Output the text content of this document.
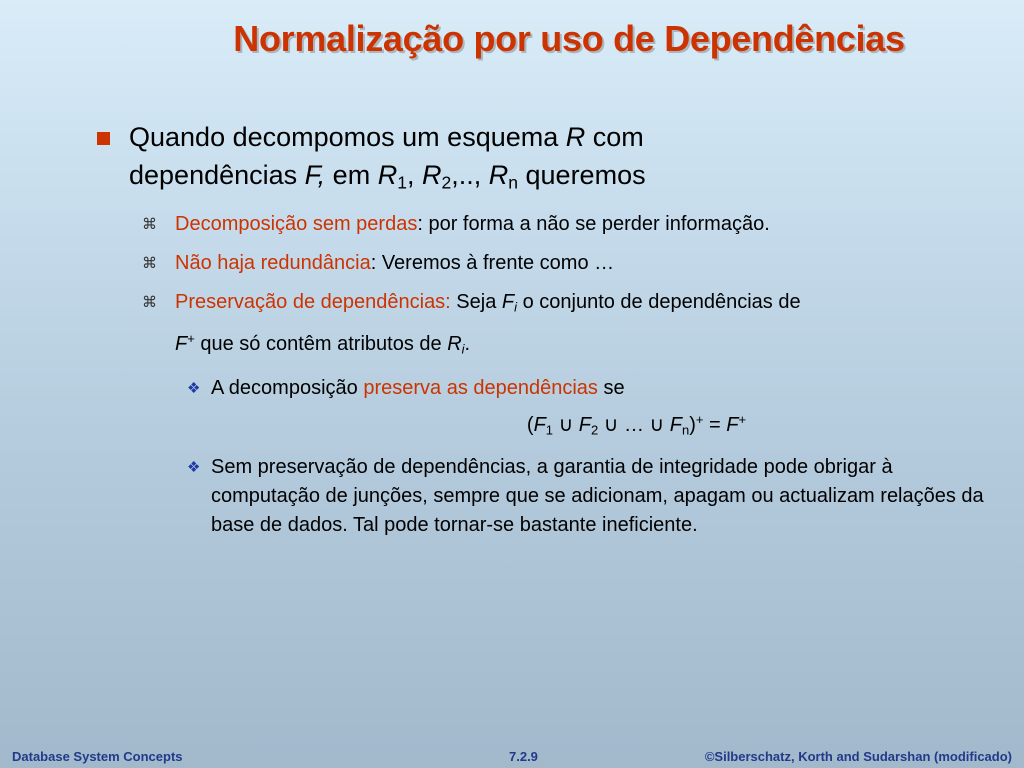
Normalização por uso de Dependências
Quando decompomos um esquema R com
dependências F, em $R_1$, $R_2$,.., $R_n$ queremos
⌘ Decomposição sem perdas: por forma a não se perder informação.
⌘ Não haja redundância: Veremos à frente como …
⌘ Preservação de dependências: Seja $F_i$ o conjunto de dependências de
F+ que só contêm atributos de $R_i$.
❖ A decomposição preserva as dependências se
($F_1$ ∪ $F_2$ ∪ … ∪ $F_n)^+ = F^+$
❖ Sem preservação de dependências, a garantia de integridade pode obrigar à computação de junções, sempre que se adicionam, apagam ou actualizam relações da base de dados. Tal pode tornar-se bastante ineficiente.
Database System Concepts	7.2.9	©Silberschatz, Korth and Sudarshan (modificado)
